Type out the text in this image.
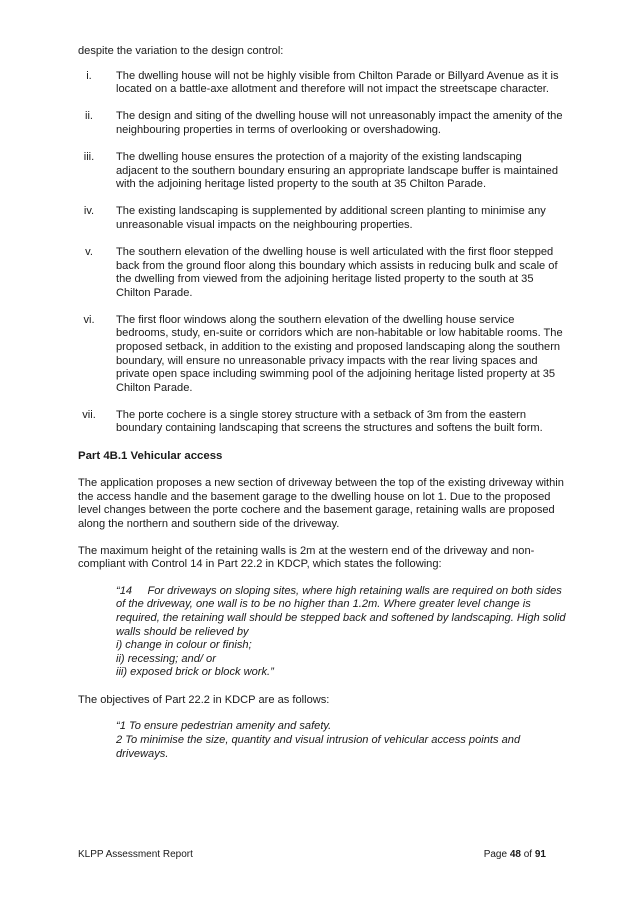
despite the variation to the design control:

i.	The dwelling house will not be highly visible from Chilton Parade or Billyard Avenue as it is located on a battle-axe allotment and therefore will not impact the streetscape character.
ii.	The design and siting of the dwelling house will not unreasonably impact the amenity of the neighbouring properties in terms of overlooking or overshadowing.
iii.	The dwelling house ensures the protection of a majority of the existing landscaping adjacent to the southern boundary ensuring an appropriate landscape buffer is maintained with the adjoining heritage listed property to the south at 35 Chilton Parade.
iv.	The existing landscaping is supplemented by additional screen planting to minimise any unreasonable visual impacts on the neighbouring properties.
v.	The southern elevation of the dwelling house is well articulated with the first floor stepped back from the ground floor along this boundary which assists in reducing bulk and scale of the dwelling from viewed from the adjoining heritage listed property to the south at 35 Chilton Parade.
vi.	The first floor windows along the southern elevation of the dwelling house service bedrooms, study, en-suite or corridors which are non-habitable or low habitable rooms. The proposed setback, in addition to the existing and proposed landscaping along the southern boundary, will ensure no unreasonable privacy impacts with the rear living spaces and private open space including swimming pool of the adjoining heritage listed property at 35 Chilton Parade.
vii.	The porte cochere is a single storey structure with a setback of 3m from the eastern boundary containing landscaping that screens the structures and softens the built form.
Part 4B.1 Vehicular access

The application proposes a new section of driveway between the top of the existing driveway within the access handle and the basement garage to the dwelling house on lot 1. Due to the proposed level changes between the porte cochere and the basement garage, retaining walls are proposed along the northern and southern side of the driveway.

The maximum height of the retaining walls is 2m at the western end of the driveway and non-compliant with Control 14 in Part 22.2 in KDCP, which states the following:

“14     For driveways on sloping sites, where high retaining walls are required on both sides of the driveway, one wall is to be no higher than 1.2m. Where greater level change is required, the retaining wall should be stepped back and softened by landscaping. High solid walls should be relieved by
i) change in colour or finish;
ii) recessing; and/ or
iii) exposed brick or block work.”

The objectives of Part 22.2 in KDCP are as follows:

“1 To ensure pedestrian amenity and safety.
2 To minimise the size, quantity and visual intrusion of vehicular access points and driveways.
KLPP Assessment Report	Page 48 of 91
